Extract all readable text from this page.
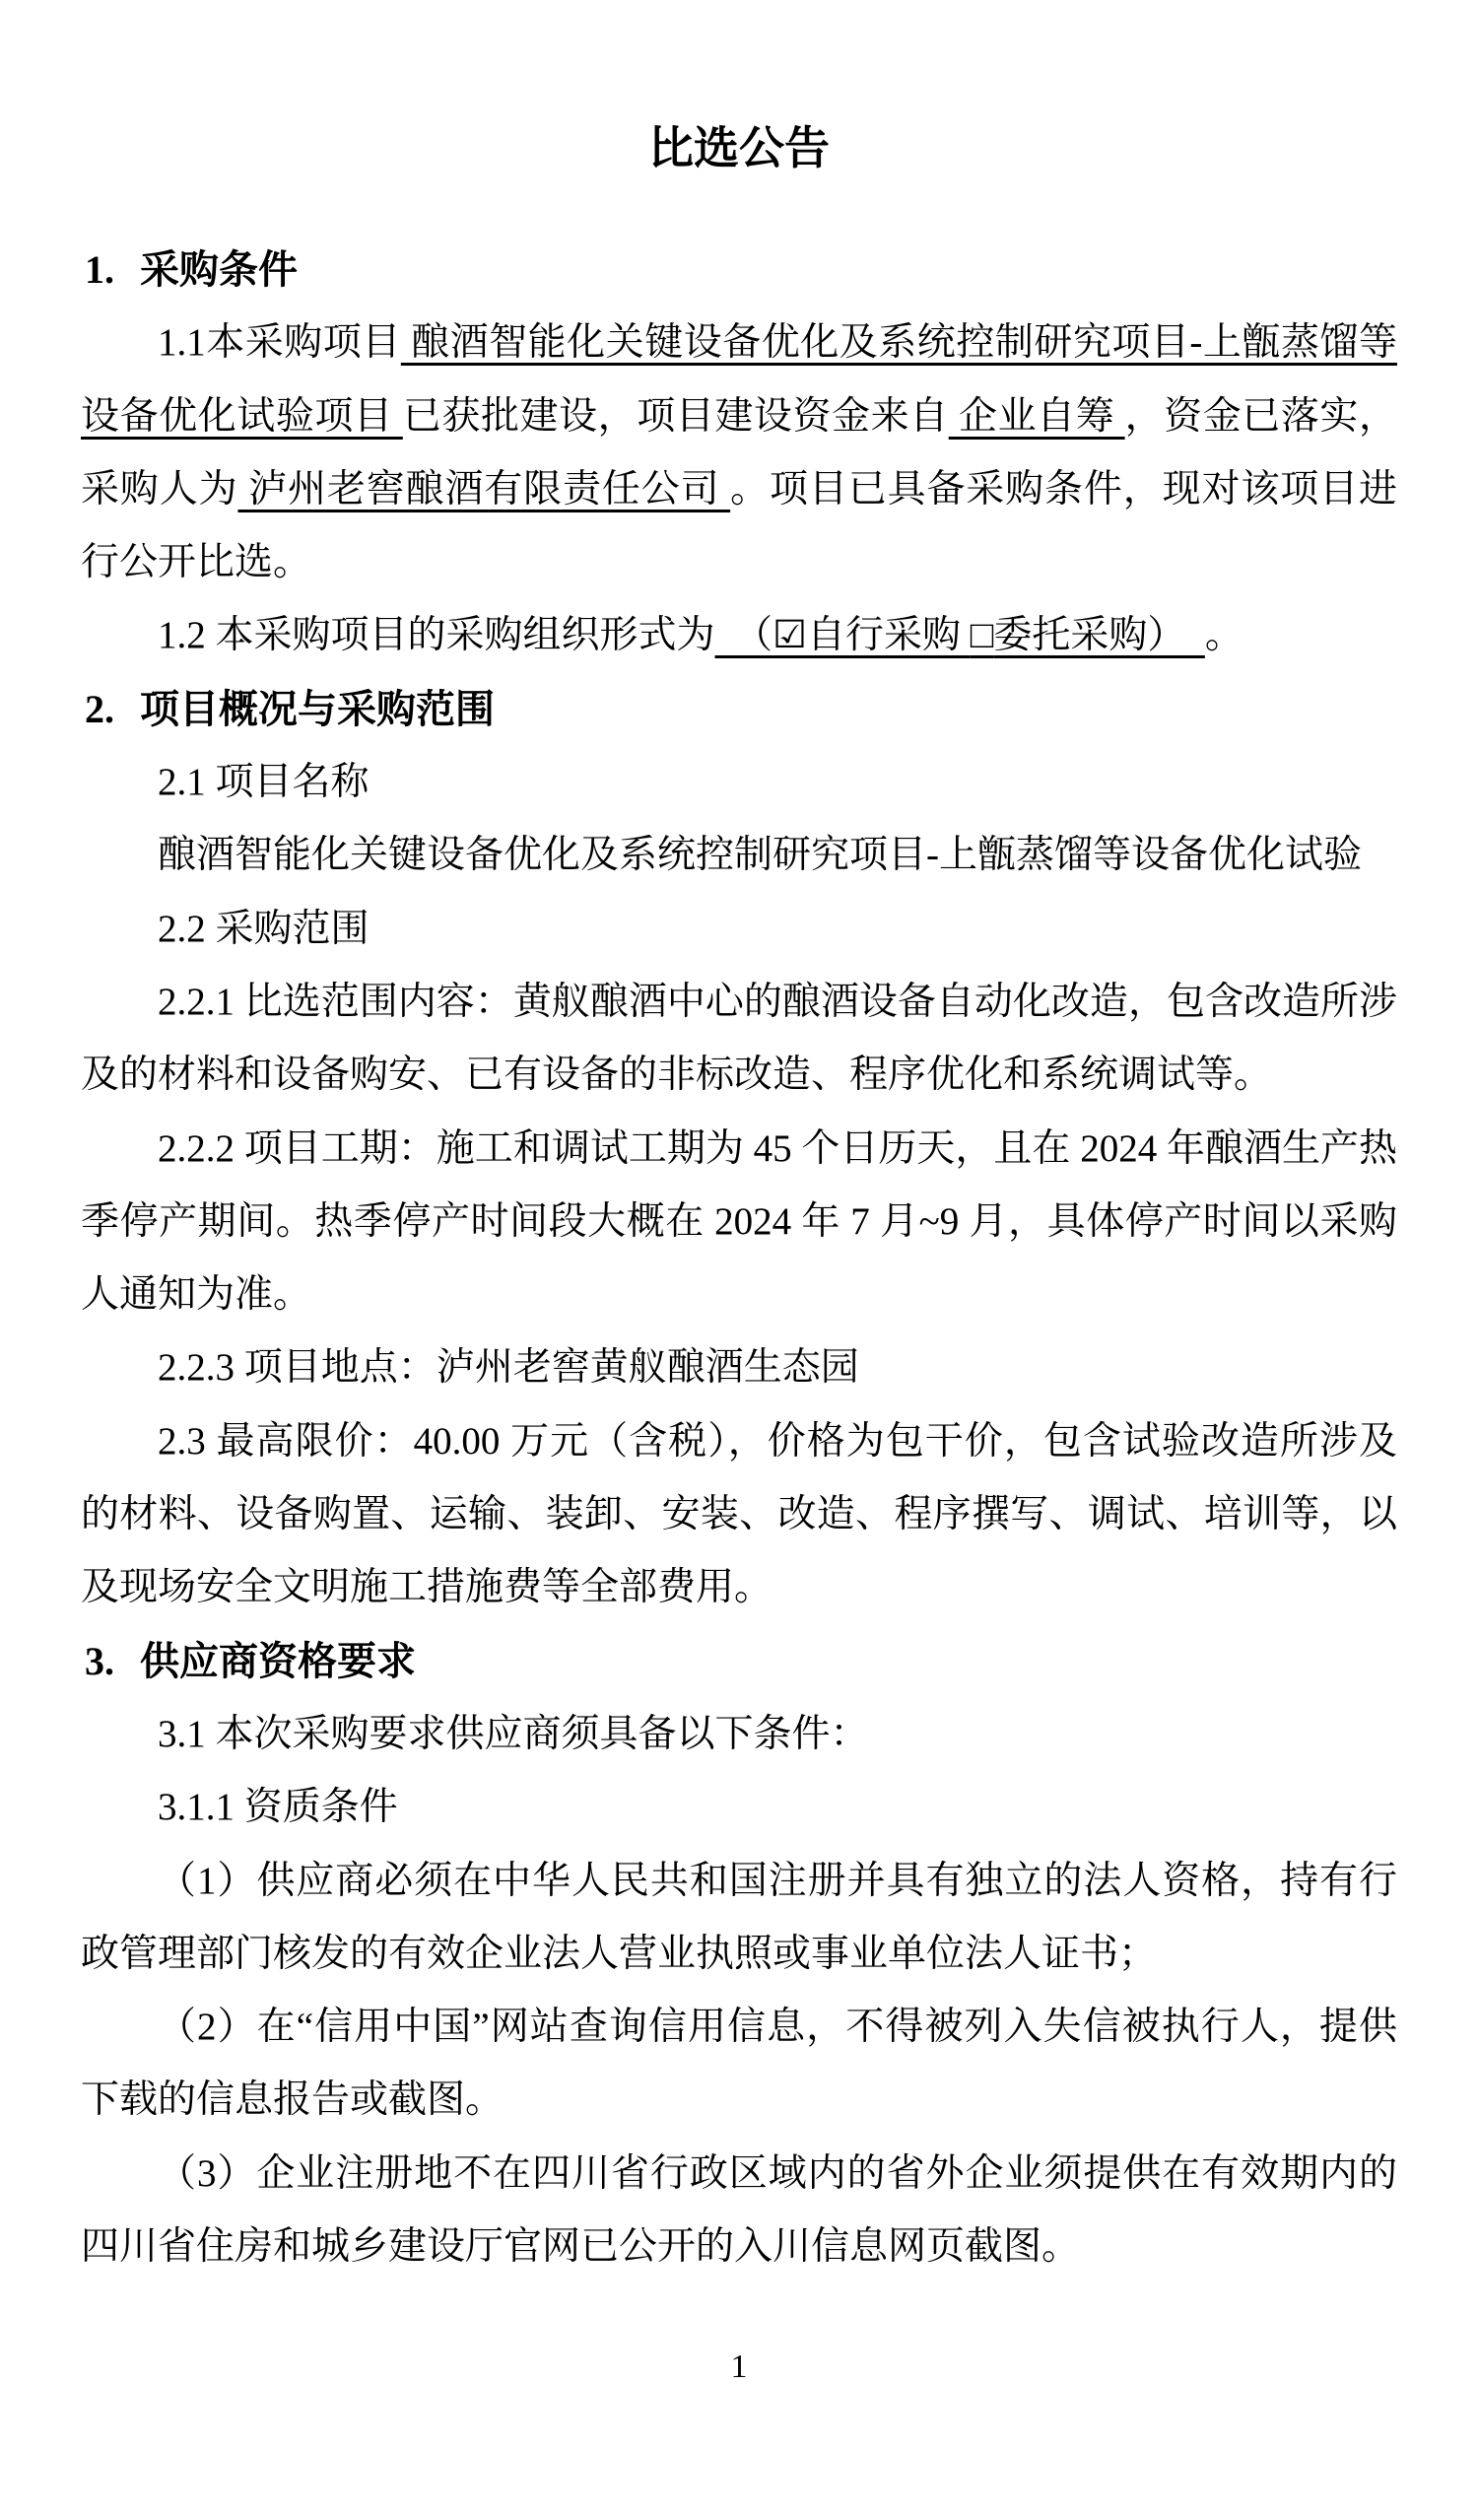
比选公告
1. 采购条件

1.1本采购项目 酿酒智能化关键设备优化及系统控制研究项目-上甑蒸馏等设备优化试验项目 已获批建设，项目建设资金来自 企业自筹 ，资金已落实，采购人为 泸州老窖酿酒有限责任公司 。项目已具备采购条件，现对该项目进行公开比选。

1.2 本采购项目的采购组织形式为  （☑自行采购 □委托采购）  。

2. 项目概况与采购范围

2.1 项目名称

酿酒智能化关键设备优化及系统控制研究项目-上甑蒸馏等设备优化试验

2.2 采购范围

2.2.1 比选范围内容：黄舣酿酒中心的酿酒设备自动化改造，包含改造所涉及的材料和设备购安、已有设备的非标改造、程序优化和系统调试等。

2.2.2 项目工期：施工和调试工期为 45 个日历天，且在 2024 年酿酒生产热季停产期间。热季停产时间段大概在 2024 年 7 月~9 月，具体停产时间以采购人通知为准。

2.2.3 项目地点：泸州老窖黄舣酿酒生态园

2.3 最高限价：40.00 万元（含税），价格为包干价，包含试验改造所涉及的材料、设备购置、运输、装卸、安装、改造、程序撰写、调试、培训等，以及现场安全文明施工措施费等全部费用。

3. 供应商资格要求

3.1 本次采购要求供应商须具备以下条件：

3.1.1 资质条件

（1）供应商必须在中华人民共和国注册并具有独立的法人资格，持有行政管理部门核发的有效企业法人营业执照或事业单位法人证书；

（2）在“信用中国”网站查询信用信息，不得被列入失信被执行人，提供下载的信息报告或截图。

（3）企业注册地不在四川省行政区域内的省外企业须提供在有效期内的四川省住房和城乡建设厅官网已公开的入川信息网页截图。

1
